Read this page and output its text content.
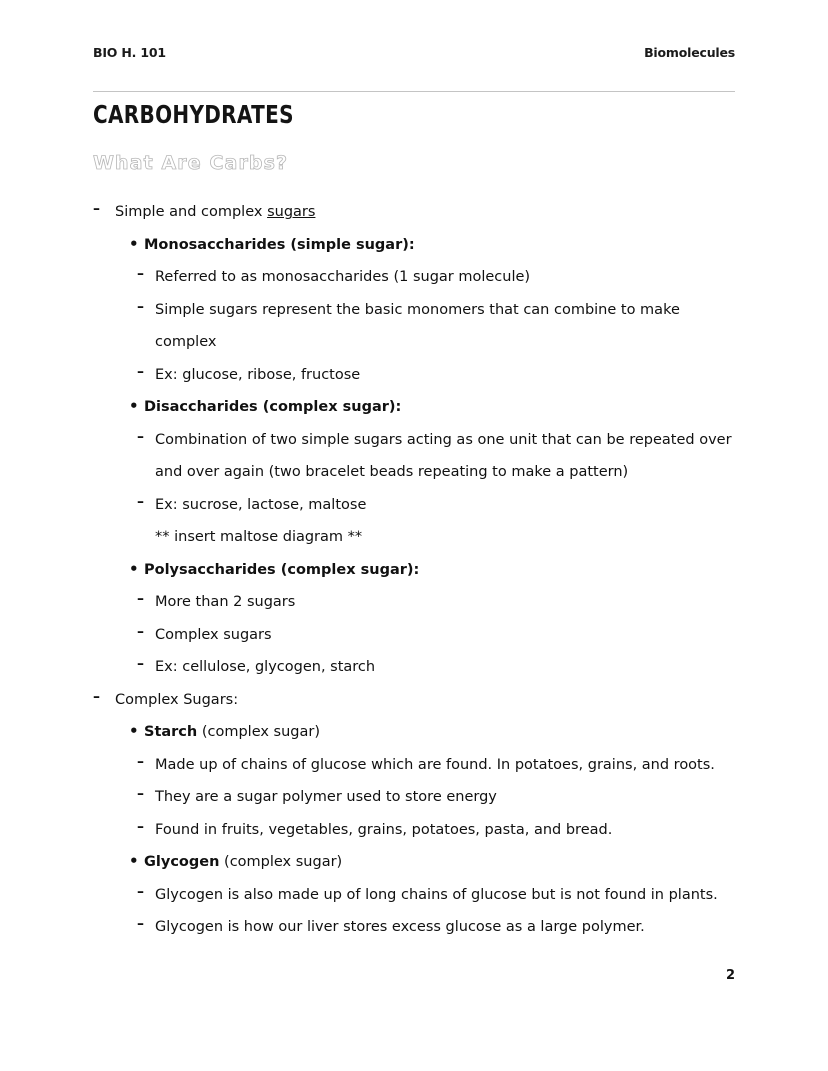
BIO H. 101	Biomolecules
CARBOHYDRATES
What Are Carbs?
– Simple and complex sugars
• Monosaccharides (simple sugar):
– Referred to as monosaccharides (1 sugar molecule)
– Simple sugars represent the basic monomers that can combine to make complex
– Ex: glucose, ribose, fructose
• Disaccharides (complex sugar):
– Combination of two simple sugars acting as one unit that can be repeated over and over again (two bracelet beads repeating to make a pattern)
– Ex: sucrose, lactose, maltose
** insert maltose diagram **
• Polysaccharides (complex sugar):
– More than 2 sugars
– Complex sugars
– Ex: cellulose, glycogen, starch
– Complex Sugars:
• Starch (complex sugar)
– Made up of chains of glucose which are found. In potatoes, grains, and roots.
– They are a sugar polymer used to store energy
– Found in fruits, vegetables, grains, potatoes, pasta, and bread.
• Glycogen (complex sugar)
– Glycogen is also made up of long chains of glucose but is not found in plants.
– Glycogen is how our liver stores excess glucose as a large polymer.
2
